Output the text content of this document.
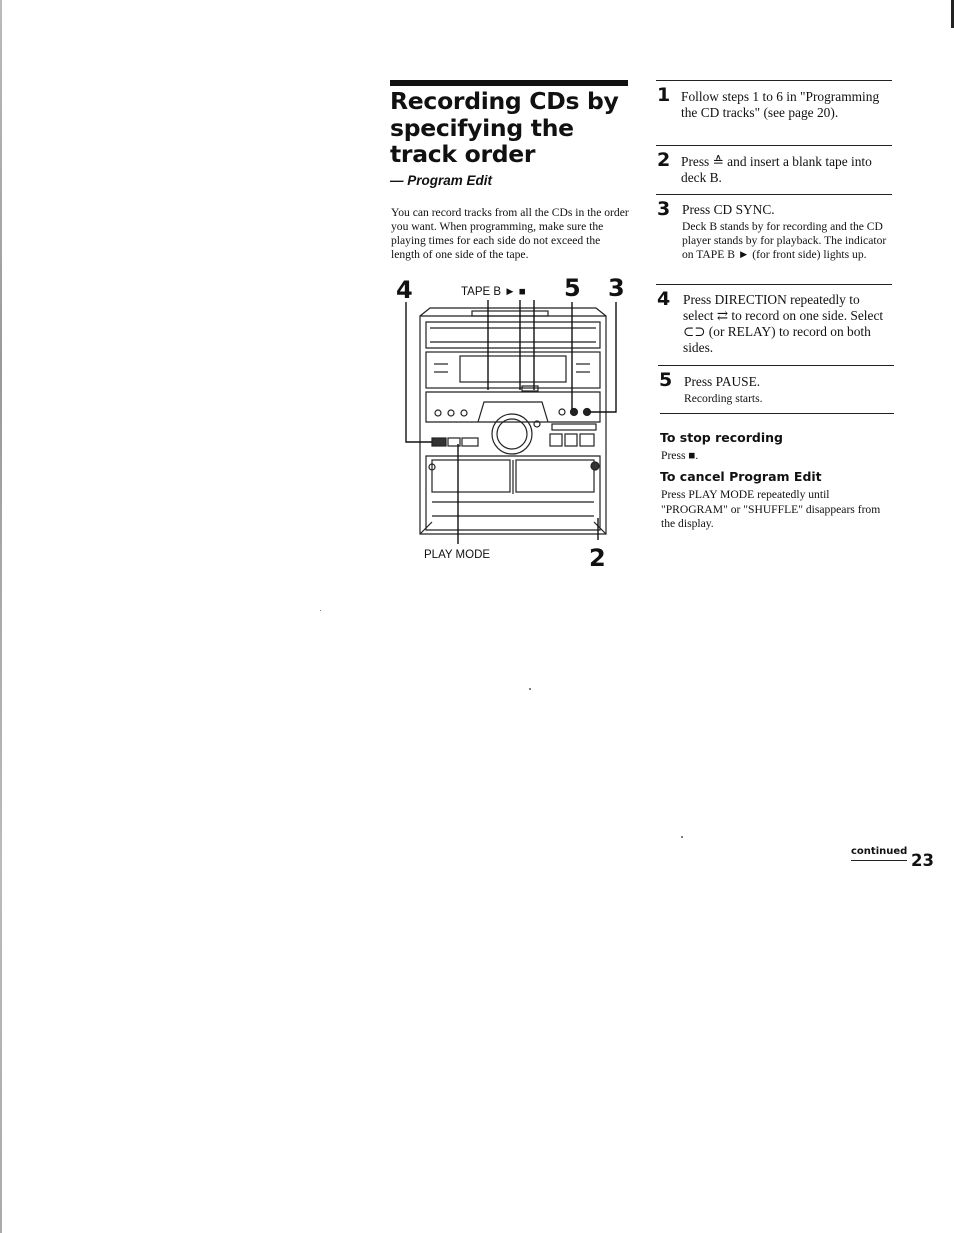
Recording CDs by
specifying the
track order
— Program Edit
You can record tracks from all the CDs in the order you want. When programming, make sure the playing times for each side do not exceed the length of one side of the tape.
4	TAPE B ► ■ 5 3
PLAY MODE	2
1 Follow steps 1 to 6 in "Programming the CD tracks" (see page 20).
2 Press ≙ and insert a blank tape into deck B.
3 Press CD SYNC.
Deck B stands by for recording and the CD player stands by for playback. The indicator on TAPE B ► (for front side) lights up.
4 Press DIRECTION repeatedly to select ⇄ to record on one side. Select ⊂⊃ (or RELAY) to record on both sides.
5 Press PAUSE.
Recording starts.
To stop recording
Press ■.
To cancel Program Edit
Press PLAY MODE repeatedly until "PROGRAM" or "SHUFFLE" disappears from the display.
continued 23
